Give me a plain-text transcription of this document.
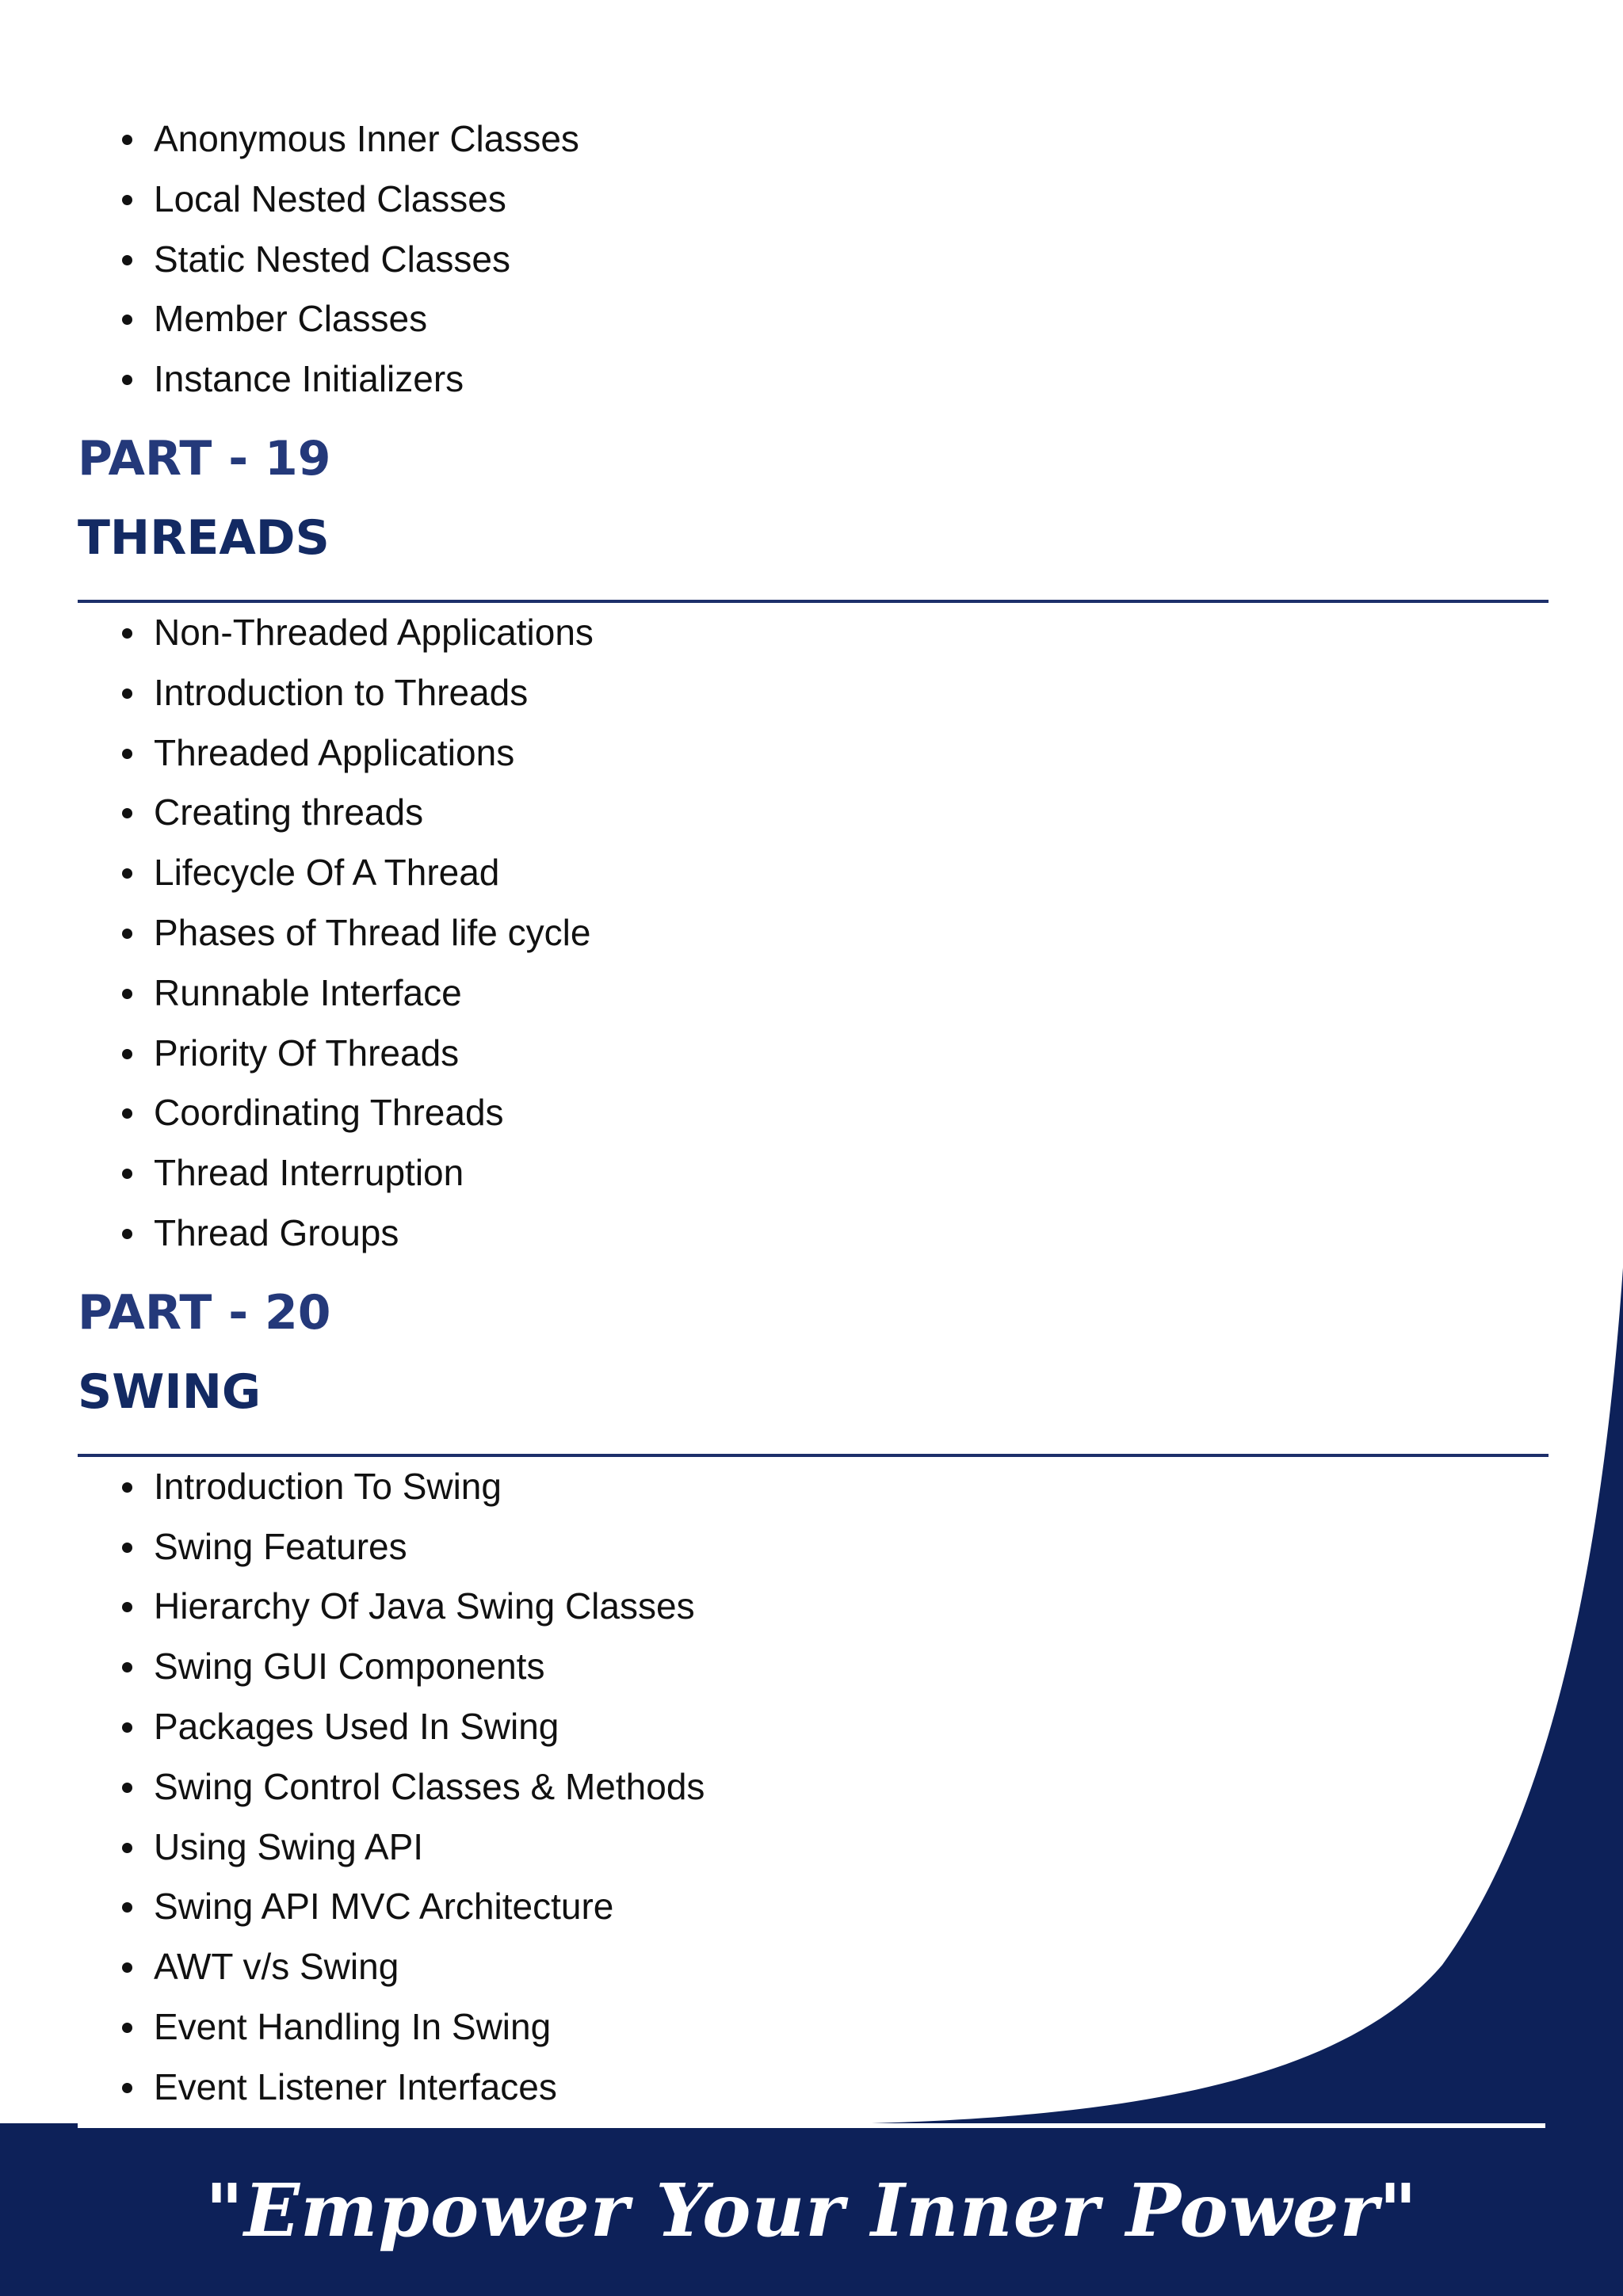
Anonymous Inner Classes
Local Nested Classes
Static Nested Classes
Member Classes
Instance Initializers
PART - 19
THREADS
Non-Threaded Applications
Introduction to Threads
Threaded Applications
Creating threads
Lifecycle Of A Thread
Phases of Thread life cycle
Runnable Interface
Priority Of Threads
Coordinating Threads
Thread Interruption
Thread Groups
PART - 20
SWING
Introduction To Swing
Swing Features
Hierarchy Of Java Swing Classes
Swing GUI Components
Packages Used In Swing
Swing Control Classes & Methods
Using Swing API
Swing API MVC Architecture
AWT v/s Swing
Event Handling In Swing
Event Listener Interfaces
"Empower Your Inner Power"
